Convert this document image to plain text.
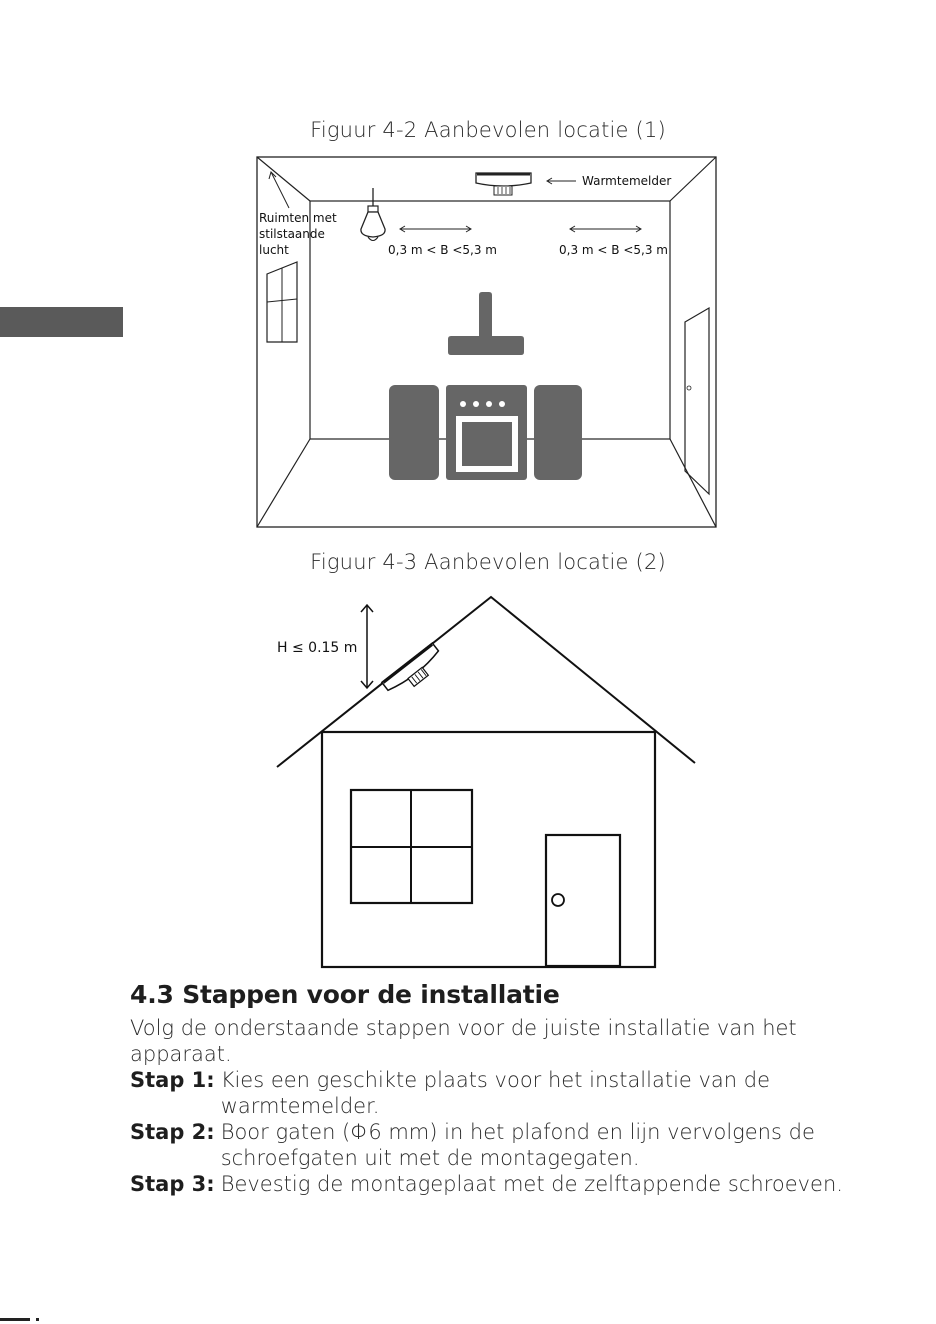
Figuur 4-2 Aanbevolen locatie (1)
Warmtemelder
Ruimten met
stilstaande
lucht	0,3 m < B <5,3 m	0,3 m < B <5,3 m
Figuur 4-3 Aanbevolen locatie (2)
H ≤ 0.15 m
4.3 Stappen voor de installatie

Volg de onderstaande stappen voor de juiste installatie van het apparaat.

Stap 1: Kies een geschikte plaats voor het installatie van de warmtemelder.
Stap 2: Boor gaten (Φ6 mm) in het plafond en lijn vervolgens de schroefgaten uit met de montagegaten.
Stap 3: Bevestig de montageplaat met de zelftappende schroeven.
